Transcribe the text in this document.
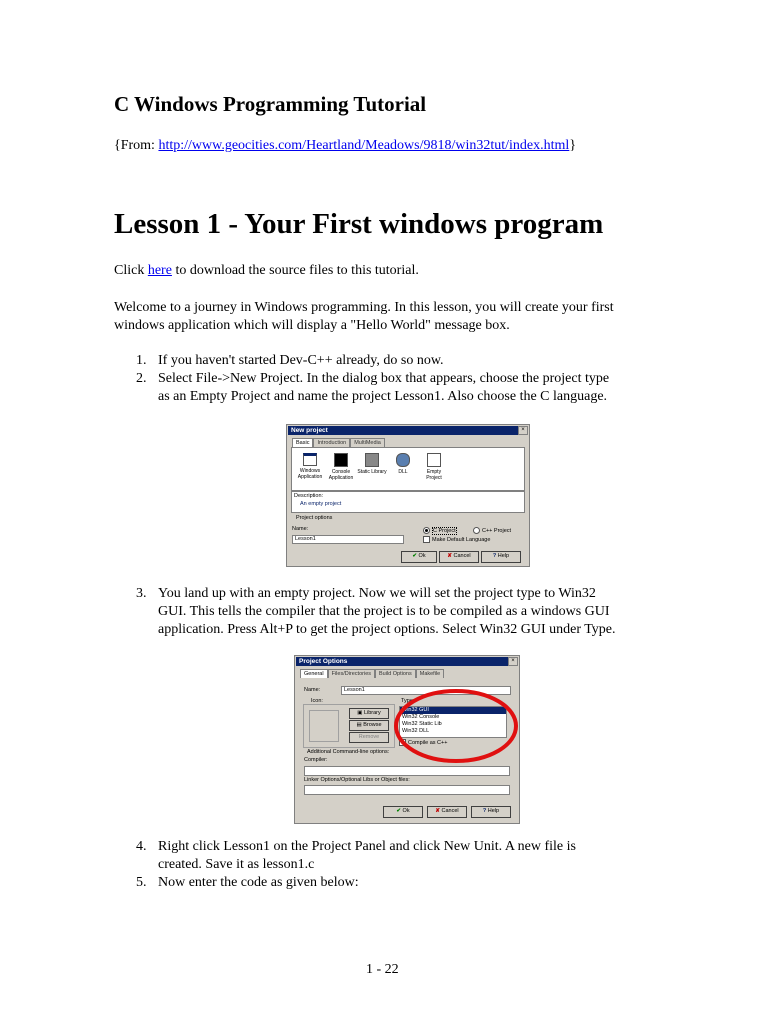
C Windows Programming Tutorial
{From: http://www.geocities.com/Heartland/Meadows/9818/win32tut/index.html}
Lesson 1 - Your First windows program
Click here to download the source files to this tutorial.
Welcome to a journey in Windows programming. In this lesson, you will create your first
windows application which will display a "Hello World" message box.
1. If you haven't started Dev-C++ already, do so now.
2. Select File->New Project. In the dialog box that appears, choose the project type
as an Empty Project and name the project Lesson1. Also choose the C language.
New project	×
Basic	Introduction	MultiMedia
Windows Application
Console Application
Static Library	DLL	Empty Project
Description:
An empty project
Project options
Name:
Lesson1
C Project	C++ Project
Make Default Language
✔ Ok	✘ Cancel	? Help
3. You land up with an empty project. Now we will set the project type to Win32
GUI. This tells the compiler that the project is to be compiled as a windows GUI
application. Press Alt+P to get the project options. Select Win32 GUI under Type.
Project Options	×
General	Files/Directories	Build Options	Makefile
Name:	Lesson1
Icon:
▣ Library
▤ Browse
Remove
Type:
Win32 GUI
Win32 Console
Win32 Static Lib
Win32 DLL
Compile as C++
Additional Command-line options:
Compiler:
Linker Options/Optional Libs or Object files:
✔ Ok	✘ Cancel	? Help
4. Right click Lesson1 on the Project Panel and click New Unit. A new file is
created. Save it as lesson1.c
5. Now enter the code as given below:
1 - 22
